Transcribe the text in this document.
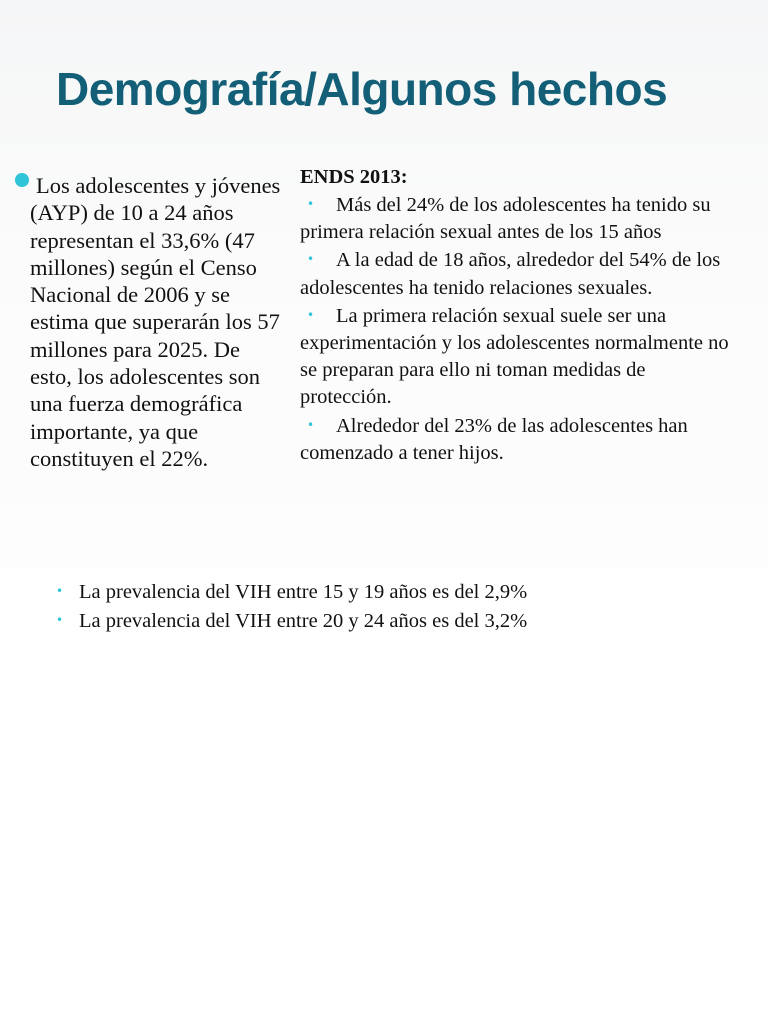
Demografía/Algunos hechos

Los adolescentes y jóvenes (AYP) de 10 a 24 años representan el 33,6% (47 millones) según el Censo Nacional de 2006 y se estima que superarán los 57 millones para 2025. De esto, los adolescentes son una fuerza demográfica importante, ya que constituyen el 22%.

ENDS 2013:

• Más del 24% de los adolescentes ha tenido su primera relación sexual antes de los 15 años

• A la edad de 18 años, alrededor del 54% de los adolescentes ha tenido relaciones sexuales.

• La primera relación sexual suele ser una experimentación y los adolescentes normalmente no se preparan para ello ni toman medidas de protección.

• Alrededor del 23% de las adolescentes han comenzado a tener hijos.

• La prevalencia del VIH entre 15 y 19 años es del 2,9%
• La prevalencia del VIH entre 20 y 24 años es del 3,2%
